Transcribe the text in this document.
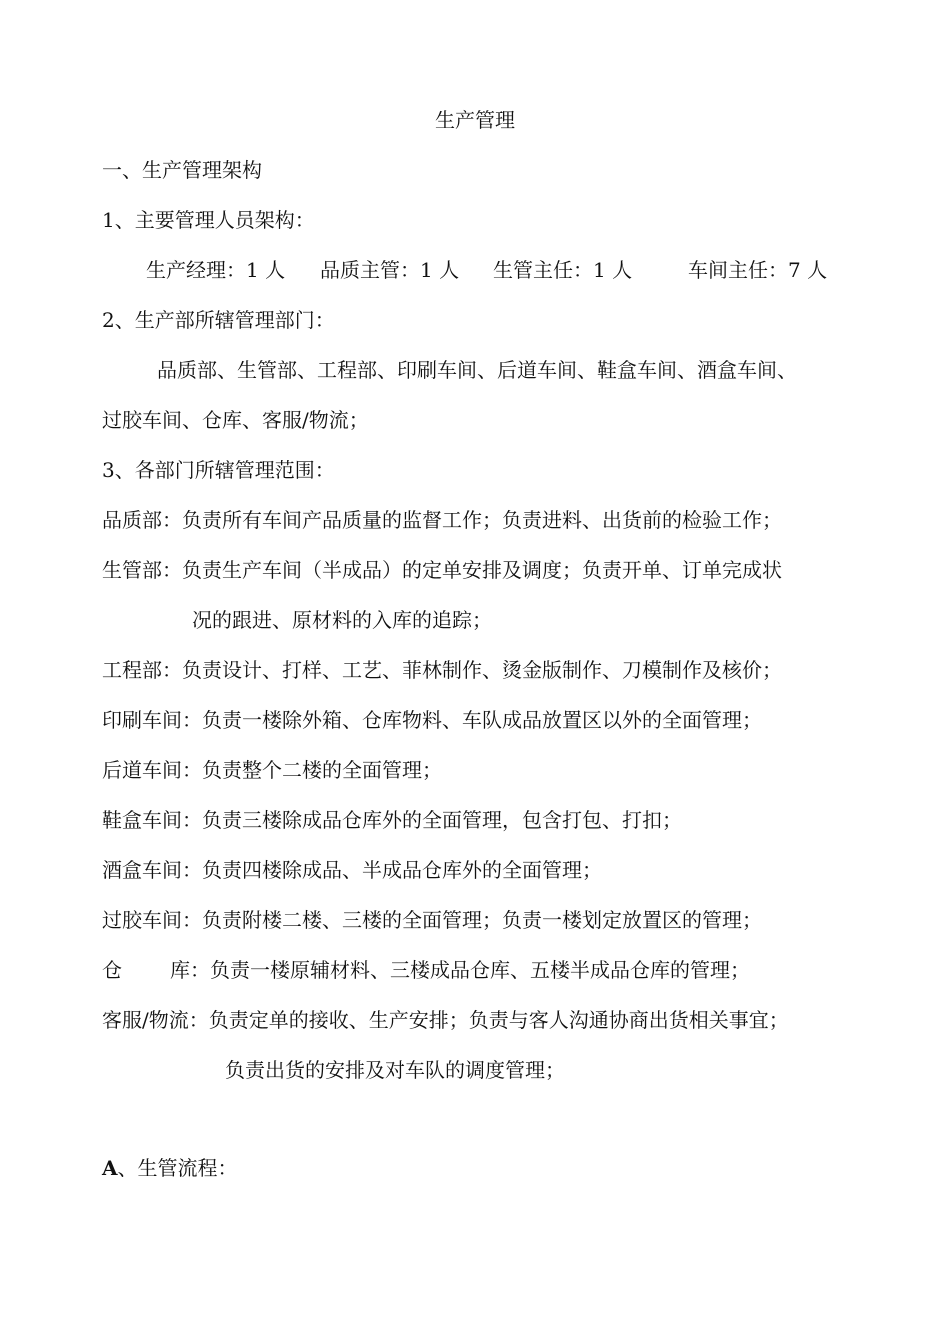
生产管理
一、生产管理架构
1、主要管理人员架构：
生产经理：1 人 品质主管：1 人 生管主任：1 人	车间主任：7 人
2、生产部所辖管理部门：
品质部、生管部、工程部、印刷车间、后道车间、鞋盒车间、酒盒车间、
过胶车间、仓库、客服/物流；
3、各部门所辖管理范围：
品质部：负责所有车间产品质量的监督工作；负责进料、出货前的检验工作；
生管部：负责生产车间（半成品）的定单安排及调度；负责开单、订单完成状
况的跟进、原材料的入库的追踪；
工程部：负责设计、打样、工艺、菲林制作、烫金版制作、刀模制作及核价；
印刷车间：负责一楼除外箱、仓库物料、车队成品放置区以外的全面管理；
后道车间：负责整个二楼的全面管理；
鞋盒车间：负责三楼除成品仓库外的全面管理，包含打包、打扣；
酒盒车间：负责四楼除成品、半成品仓库外的全面管理；
过胶车间：负责附楼二楼、三楼的全面管理；负责一楼划定放置区的管理；
仓 库：负责一楼原辅材料、三楼成品仓库、五楼半成品仓库的管理；
客服/物流：负责定单的接收、生产安排；负责与客人沟通协商出货相关事宜；
负责出货的安排及对车队的调度管理；
A、生管流程：
